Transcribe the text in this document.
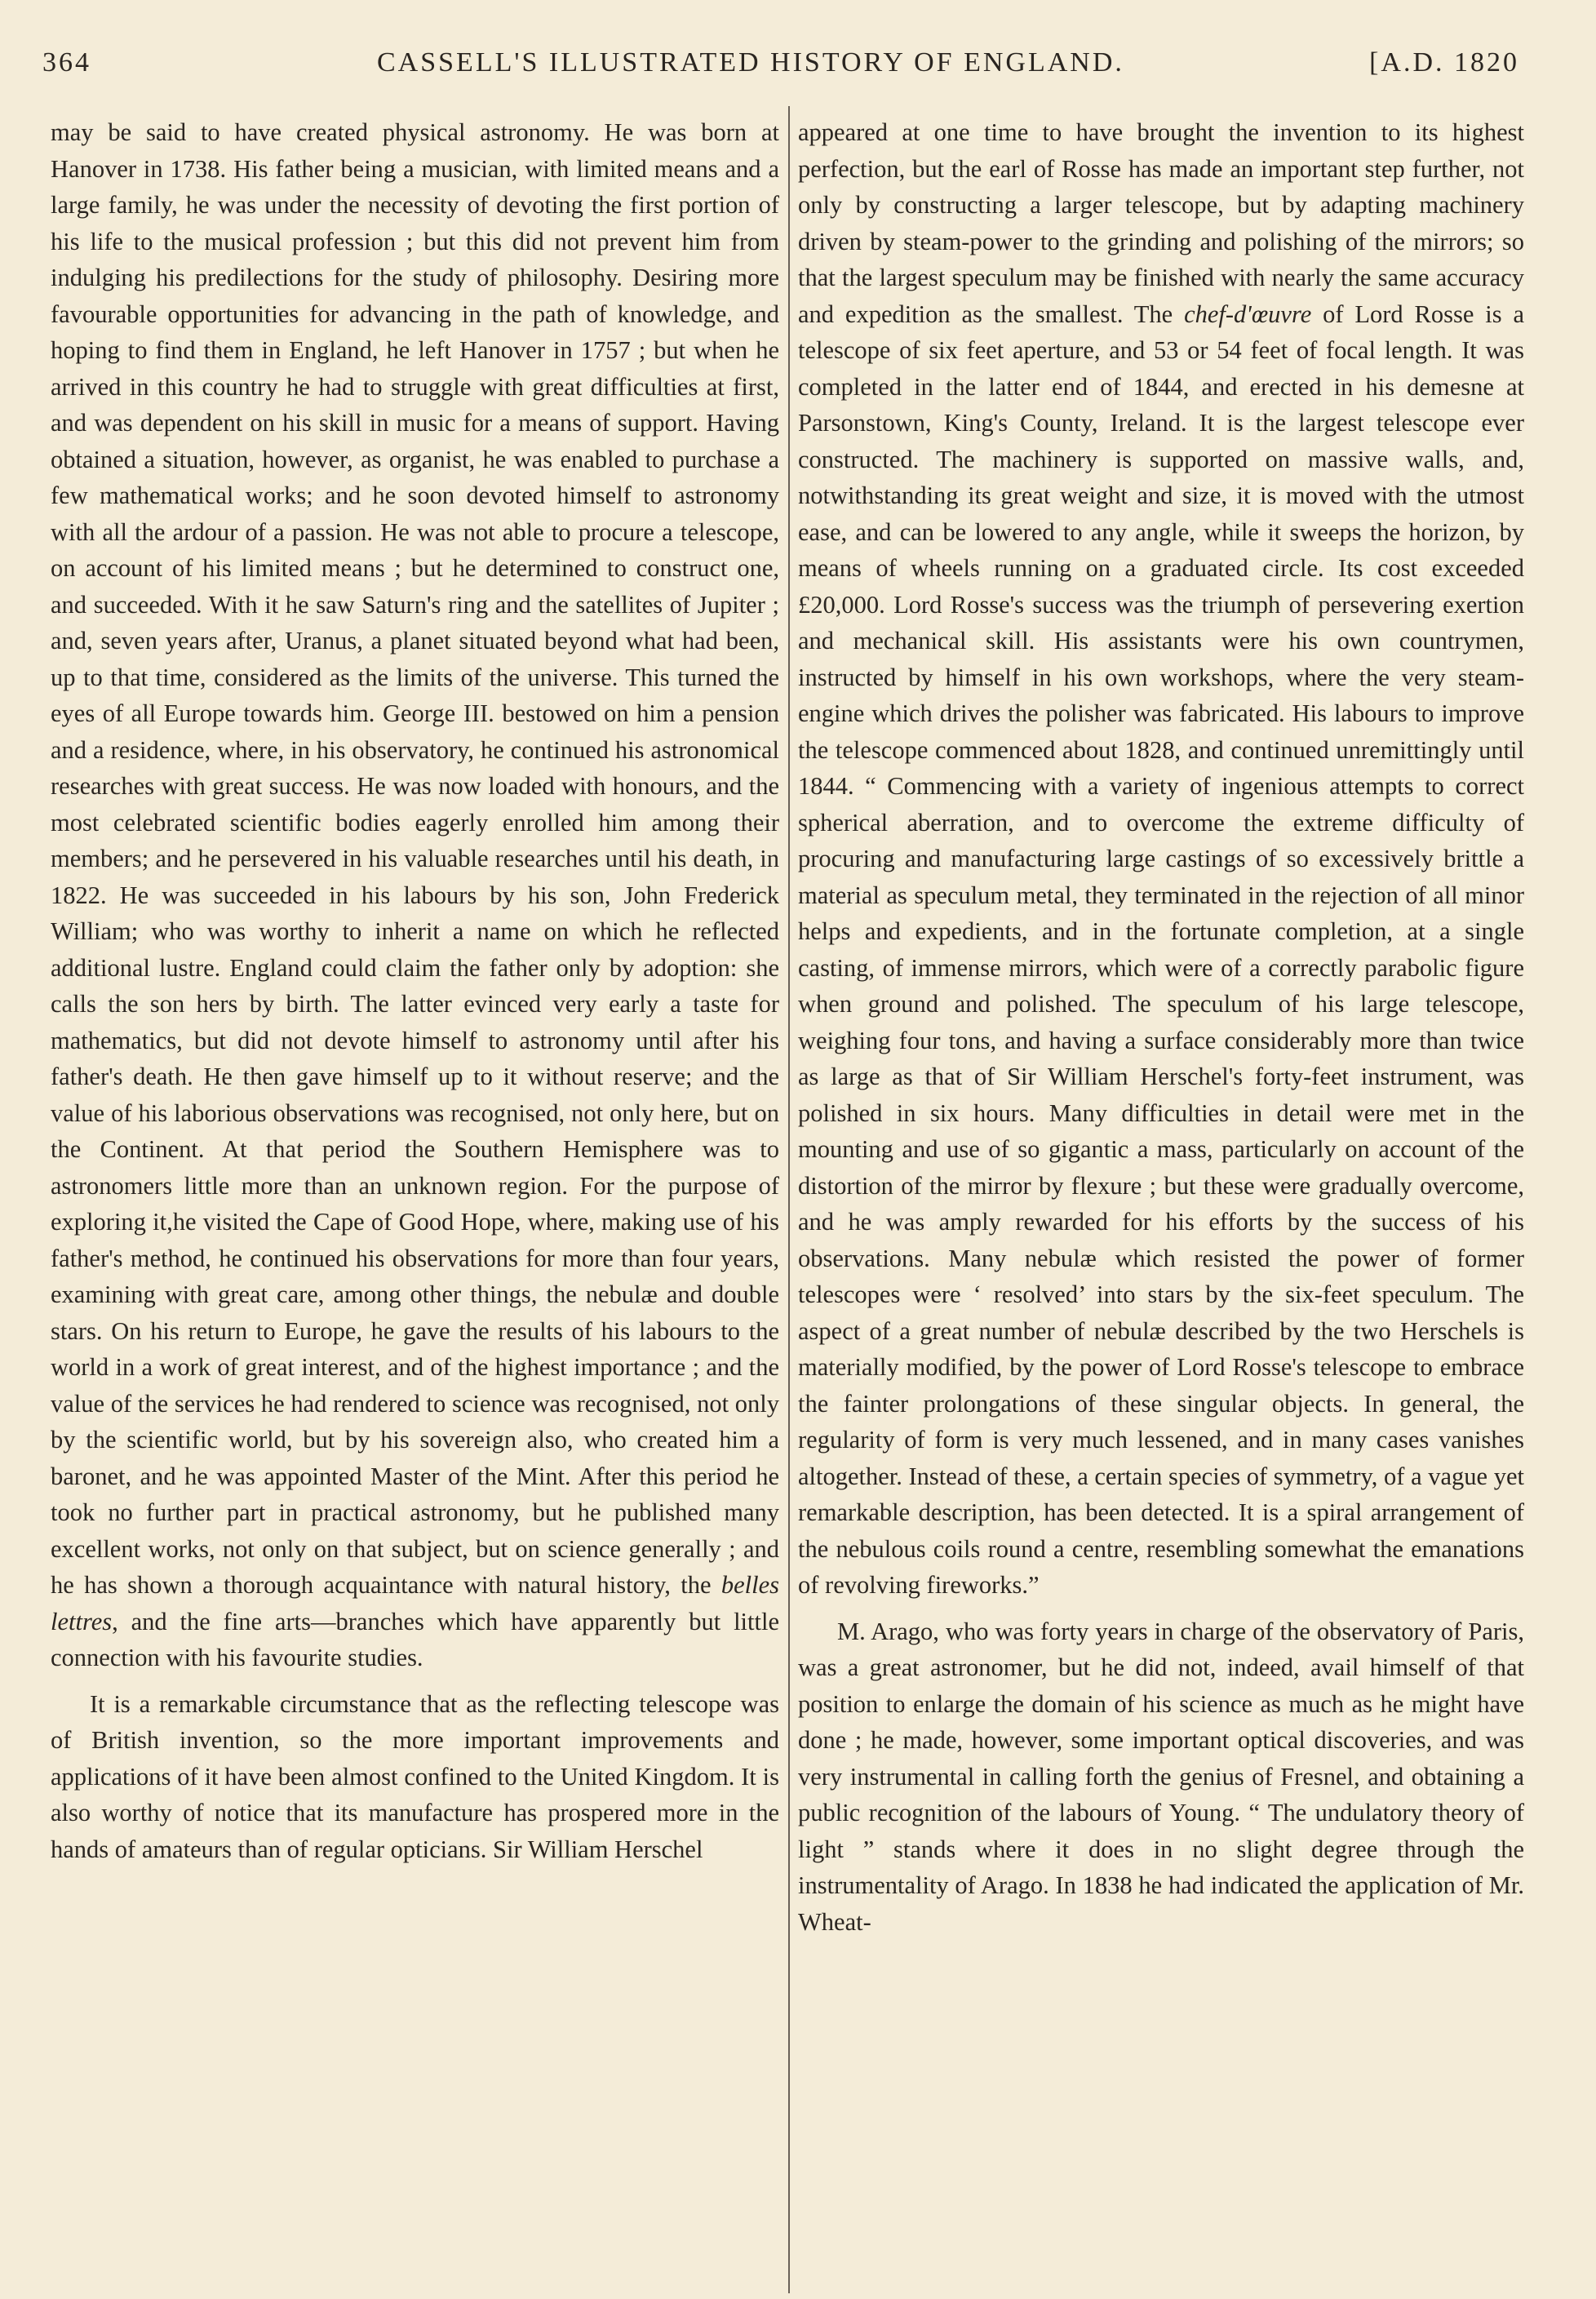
364	CASSELL'S ILLUSTRATED HISTORY OF ENGLAND.	[A.D. 1820

may be said to have created physical astronomy. He was born at Hanover in 1738. His father being a musician, with limited means and a large family, he was under the necessity of devoting the first portion of his life to the musical profession ; but this did not prevent him from indulging his predilections for the study of philosophy. Desiring more favourable opportunities for advancing in the path of knowledge, and hoping to find them in England, he left Hanover in 1757 ; but when he arrived in this country he had to struggle with great difficulties at first, and was dependent on his skill in music for a means of support. Having obtained a situation, however, as organist, he was enabled to purchase a few mathematical works; and he soon devoted himself to astronomy with all the ardour of a passion. He was not able to procure a telescope, on account of his limited means ; but he determined to construct one, and succeeded. With it he saw Saturn's ring and the satellites of Jupiter ; and, seven years after, Uranus, a planet situated beyond what had been, up to that time, considered as the limits of the universe. This turned the eyes of all Europe towards him. George III. bestowed on him a pension and a residence, where, in his observatory, he continued his astronomical researches with great success. He was now loaded with honours, and the most celebrated scientific bodies eagerly enrolled him among their members; and he persevered in his valuable researches until his death, in 1822. He was succeeded in his labours by his son, John Frederick William; who was worthy to inherit a name on which he reflected additional lustre. England could claim the father only by adoption: she calls the son hers by birth. The latter evinced very early a taste for mathematics, but did not devote himself to astronomy until after his father's death. He then gave himself up to it without reserve; and the value of his laborious observations was recognised, not only here, but on the Continent. At that period the Southern Hemisphere was to astronomers little more than an unknown region. For the purpose of exploring it,he visited the Cape of Good Hope, where, making use of his father's method, he continued his observations for more than four years, examining with great care, among other things, the nebulæ and double stars. On his return to Europe, he gave the results of his labours to the world in a work of great interest, and of the highest importance ; and the value of the services he had rendered to science was recognised, not only by the scientific world, but by his sovereign also, who created him a baronet, and he was appointed Master of the Mint. After this period he took no further part in practical astronomy, but he published many excellent works, not only on that subject, but on science generally ; and he has shown a thorough acquaintance with natural history, the belles lettres, and the fine arts—branches which have apparently but little connection with his favourite studies.

It is a remarkable circumstance that as the reflecting telescope was of British invention, so the more important improvements and applications of it have been almost confined to the United Kingdom. It is also worthy of notice that its manufacture has prospered more in the hands of amateurs than of regular opticians. Sir William Herschel

appeared at one time to have brought the invention to its highest perfection, but the earl of Rosse has made an important step further, not only by constructing a larger telescope, but by adapting machinery driven by steam-power to the grinding and polishing of the mirrors; so that the largest speculum may be finished with nearly the same accuracy and expedition as the smallest. The chef-d'œuvre of Lord Rosse is a telescope of six feet aperture, and 53 or 54 feet of focal length. It was completed in the latter end of 1844, and erected in his demesne at Parsonstown, King's County, Ireland. It is the largest telescope ever constructed. The machinery is supported on massive walls, and, notwithstanding its great weight and size, it is moved with the utmost ease, and can be lowered to any angle, while it sweeps the horizon, by means of wheels running on a graduated circle. Its cost exceeded £20,000. Lord Rosse's success was the triumph of persevering exertion and mechanical skill. His assistants were his own countrymen, instructed by himself in his own workshops, where the very steam-engine which drives the polisher was fabricated. His labours to improve the telescope commenced about 1828, and continued unremittingly until 1844. “ Commencing with a variety of ingenious attempts to correct spherical aberration, and to overcome the extreme difficulty of procuring and manufacturing large castings of so excessively brittle a material as speculum metal, they terminated in the rejection of all minor helps and expedients, and in the fortunate completion, at a single casting, of immense mirrors, which were of a correctly parabolic figure when ground and polished. The speculum of his large telescope, weighing four tons, and having a surface considerably more than twice as large as that of Sir William Herschel's forty-feet instrument, was polished in six hours. Many difficulties in detail were met in the mounting and use of so gigantic a mass, particularly on account of the distortion of the mirror by flexure ; but these were gradually overcome, and he was amply rewarded for his efforts by the success of his observations. Many nebulæ which resisted the power of former telescopes were ‘ resolved’ into stars by the six-feet speculum. The aspect of a great number of nebulæ described by the two Herschels is materially modified, by the power of Lord Rosse's telescope to embrace the fainter prolongations of these singular objects. In general, the regularity of form is very much lessened, and in many cases vanishes altogether. Instead of these, a certain species of symmetry, of a vague yet remarkable description, has been detected. It is a spiral arrangement of the nebulous coils round a centre, resembling somewhat the emanations of revolving fireworks.”

M. Arago, who was forty years in charge of the observatory of Paris, was a great astronomer, but he did not, indeed, avail himself of that position to enlarge the domain of his science as much as he might have done ; he made, however, some important optical discoveries, and was very instrumental in calling forth the genius of Fresnel, and obtaining a public recognition of the labours of Young. “ The undulatory theory of light ” stands where it does in no slight degree through the instrumentality of Arago. In 1838 he had indicated the application of Mr. Wheat-
